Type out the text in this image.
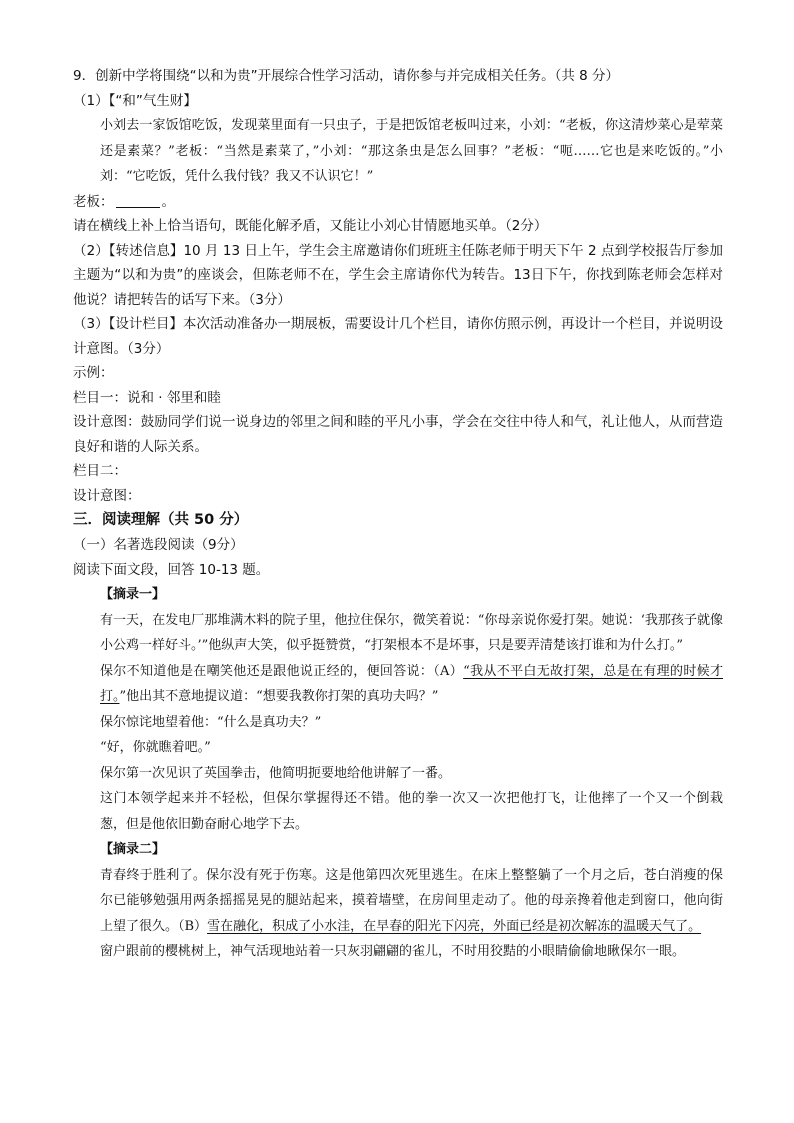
9．创新中学将围绕“以和为贵”开展综合性学习活动，请你参与并完成相关任务。（共 8 分）
（1）【“和”气生财】
小刘去一家饭馆吃饭，发现菜里面有一只虫子，于是把饭馆老板叫过来，小刘：“老板，你这清炒菜心是荤菜还是素菜？”老板：“当然是素菜了，”小刘：“那这条虫是怎么回事？”老板：“呃……它也是来吃饭的。”小刘：“它吃饭，凭什么我付钱？我又不认识它！”
老板：	。
请在横线上补上恰当语句，既能化解矛盾，又能让小刘心甘情愿地买单。（2分）
（2）【转述信息】10 月 13 日上午，学生会主席邀请你们班班主任陈老师于明天下午 2 点到学校报告厅参加主题为“以和为贵”的座谈会，但陈老师不在，学生会主席请你代为转告。13日下午，你找到陈老师会怎样对他说？请把转告的话写下来。（3分）
（3）【设计栏目】本次活动准备办一期展板，需要设计几个栏目，请你仿照示例，再设计一个栏目，并说明设计意图。（3分）
示例：
栏目一：说和 · 邻里和睦
设计意图：鼓励同学们说一说身边的邻里之间和睦的平凡小事，学会在交往中待人和气，礼让他人，从而营造良好和谐的人际关系。
栏目二：
设计意图：
三．阅读理解（共 50 分）
（一）名著选段阅读（9分）
阅读下面文段，回答 10-13 题。
【摘录一】
有一天，在发电厂那堆满木料的院子里，他拉住保尔，微笑着说：“你母亲说你爱打架。她说：‘我那孩子就像小公鸡一样好斗。’”他纵声大笑，似乎挺赞赏，“打架根本不是坏事，只是要弄清楚该打谁和为什么打。”
保尔不知道他是在嘲笑他还是跟他说正经的，便回答说：（A）“我从不平白无故打架，总是在有理的时候才打。”他出其不意地提议道：“想要我教你打架的真功夫吗？”
保尔惊诧地望着他：“什么是真功夫？”
“好，你就瞧着吧。”
保尔第一次见识了英国拳击，他简明扼要地给他讲解了一番。
这门本领学起来并不轻松，但保尔掌握得还不错。他的拳一次又一次把他打飞，让他摔了一个又一个倒栽葱，但是他依旧勤奋耐心地学下去。
【摘录二】
青春终于胜利了。保尔没有死于伤寒。这是他第四次死里逃生。在床上整整躺了一个月之后，苍白消瘦的保尔已能够勉强用两条摇摇晃晃的腿站起来，摸着墙壁，在房间里走动了。他的母亲搀着他走到窗口，他向街上望了很久。（B）雪在融化，积成了小水洼，在早春的阳光下闪亮，外面已经是初次解冻的温暖天气了。
窗户跟前的樱桃树上，神气活现地站着一只灰羽翩翩的雀儿，不时用狡黠的小眼睛偷偷地瞅保尔一眼。
